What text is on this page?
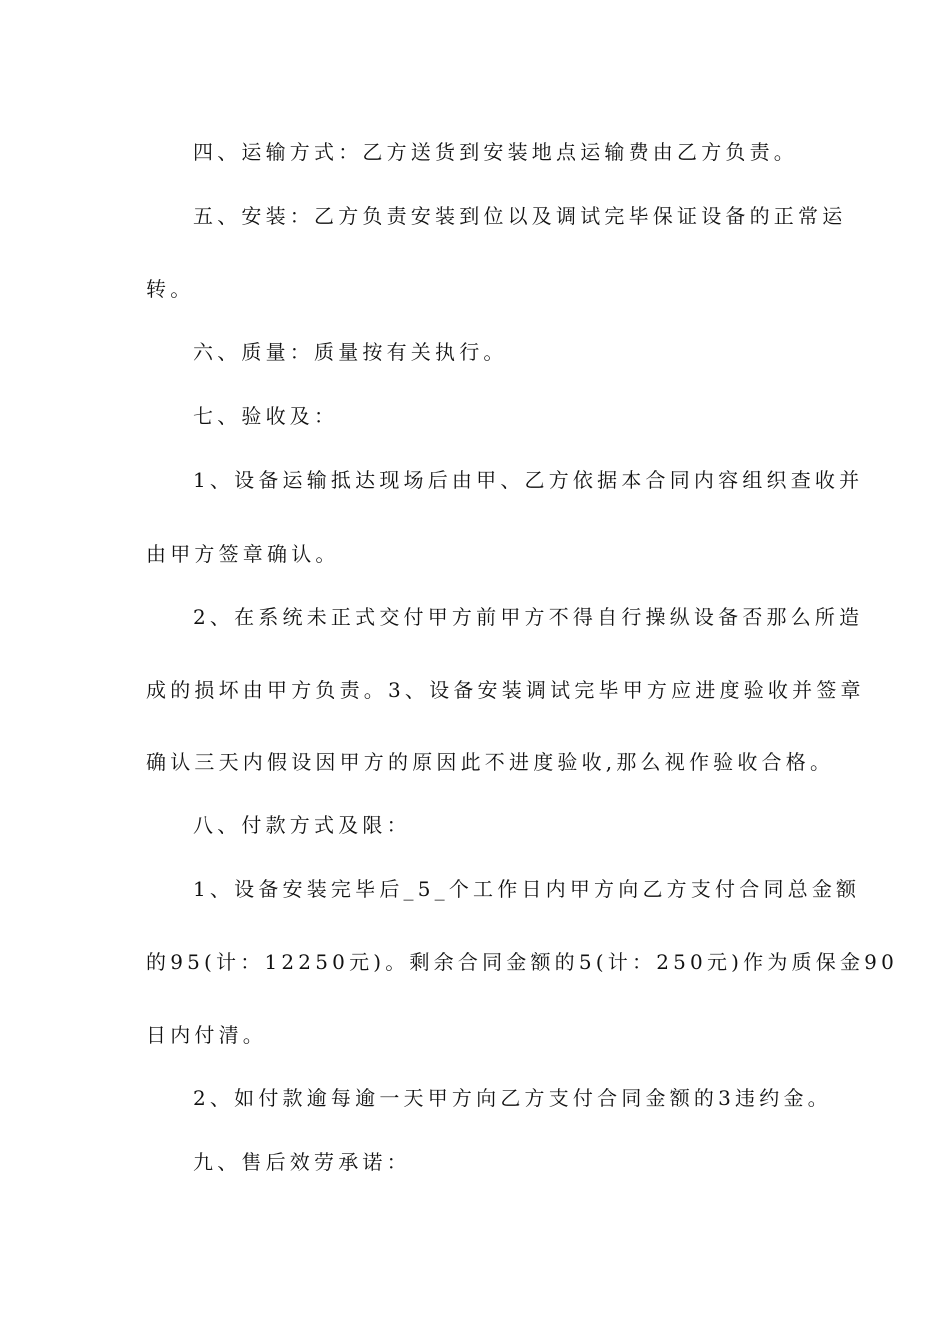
四、运输方式：乙方送货到安装地点运输费由乙方负责。
五、安装：乙方负责安装到位以及调试完毕保证设备的正常运
转。
六、质量：质量按有关执行。
七、验收及：
1、设备运输抵达现场后由甲、乙方依据本合同内容组织查收并
由甲方签章确认。
2、在系统未正式交付甲方前甲方不得自行操纵设备否那么所造
成的损坏由甲方负责。3、设备安装调试完毕甲方应进度验收并签章
确认三天内假设因甲方的原因此不进度验收,那么视作验收合格。
八、付款方式及限：
1、设备安装完毕后_5_个工作日内甲方向乙方支付合同总金额
的95(计：12250元)。剩余合同金额的5(计：250元)作为质保金90
日内付清。
2、如付款逾每逾一天甲方向乙方支付合同金额的3违约金。
九、售后效劳承诺：
